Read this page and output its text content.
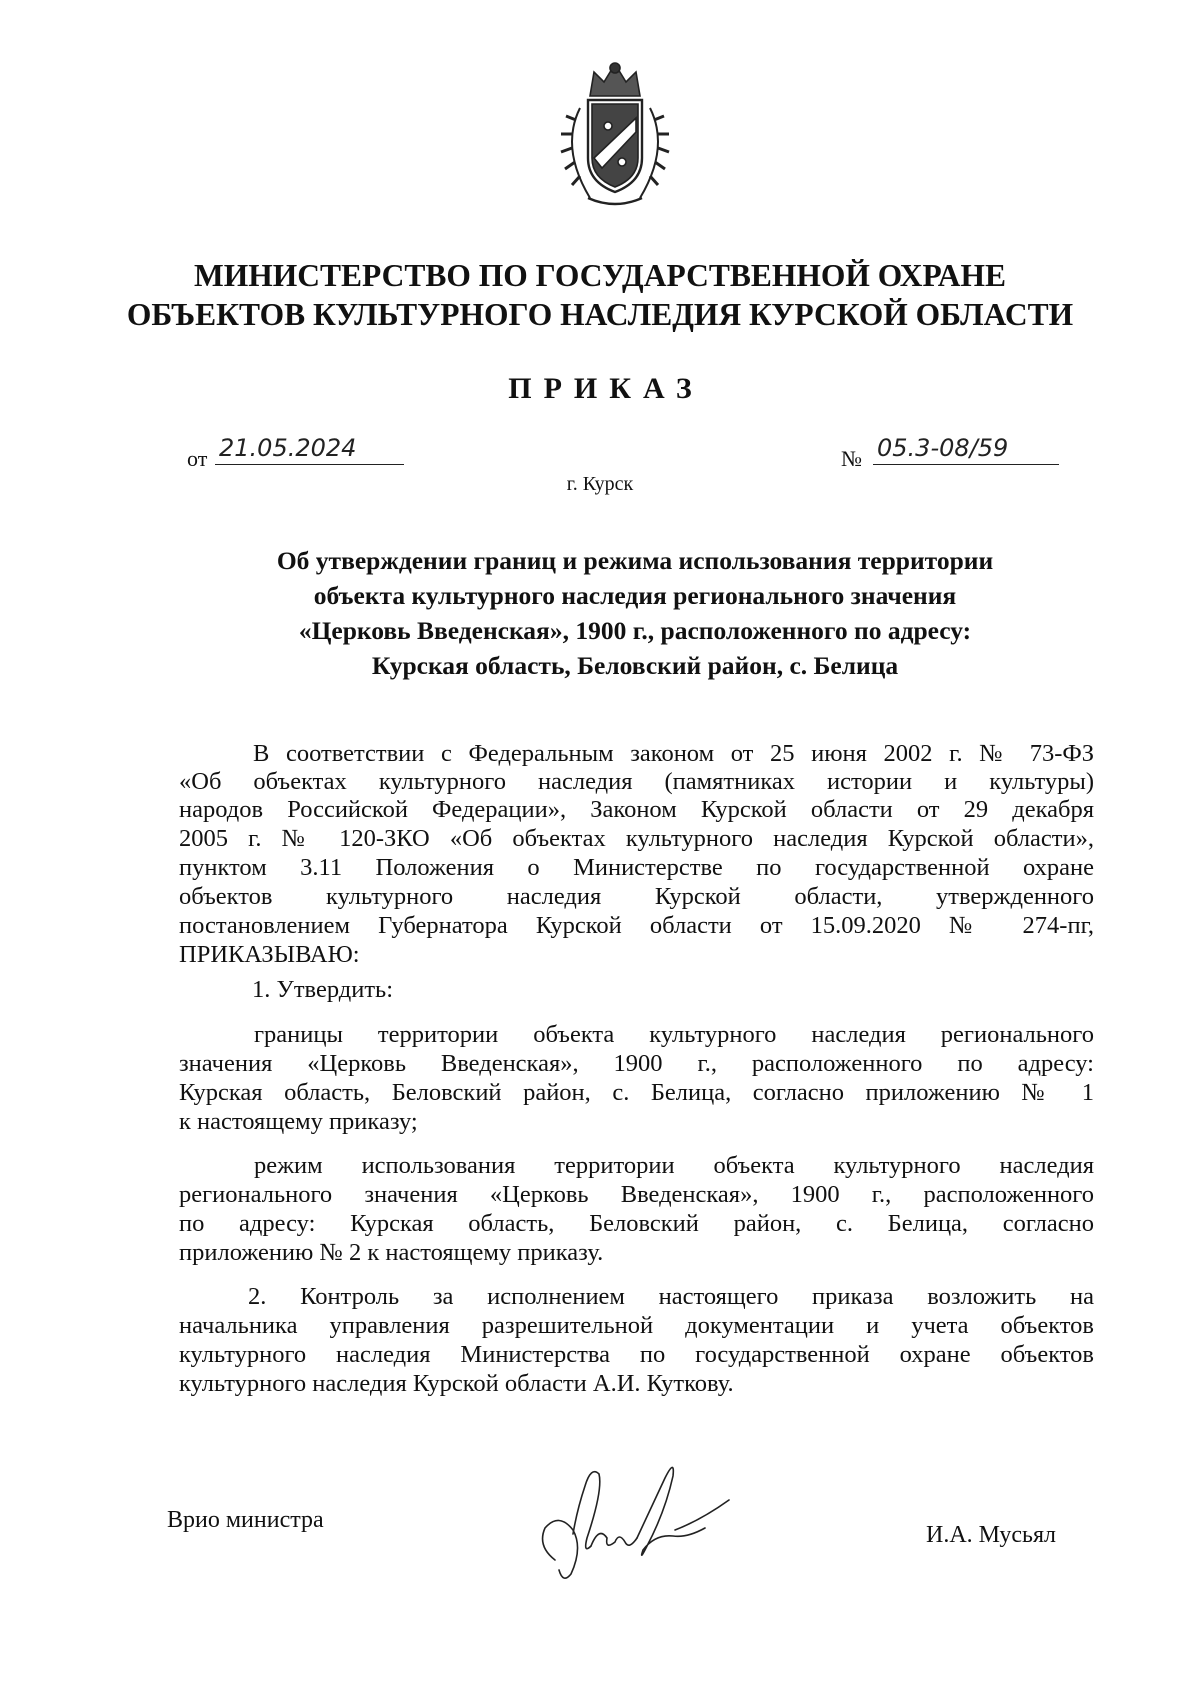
МИНИСТЕРСТВО ПО ГОСУДАРСТВЕННОЙ ОХРАНЕ
ОБЪЕКТОВ КУЛЬТУРНОГО НАСЛЕДИЯ КУРСКОЙ ОБЛАСТИ
ПРИКАЗ
от 21.05.2024	№ 05.3-08/59
г. Курск
Об утверждении границ и режима использования территории
объекта культурного наследия регионального значения
«Церковь Введенская», 1900 г., расположенного по адресу:
Курская область, Беловский район, с. Белица
В соответствии с Федеральным законом от 25 июня 2002 г. № 73-ФЗ
«Об объектах культурного наследия (памятниках истории и культуры)
народов Российской Федерации», Законом Курской области от 29 декабря
2005 г. № 120-ЗКО «Об объектах культурного наследия Курской области»,
пунктом 3.11 Положения о Министерстве по государственной охране
объектов культурного наследия Курской области, утвержденного
постановлением Губернатора Курской области от 15.09.2020 № 274-пг,
ПРИКАЗЫВАЮ:
1. Утвердить:
границы территории объекта культурного наследия регионального
значения «Церковь Введенская», 1900 г., расположенного по адресу:
Курская область, Беловский район, с. Белица, согласно приложению № 1
к настоящему приказу;
режим использования территории объекта культурного наследия
регионального значения «Церковь Введенская», 1900 г., расположенного
по адресу: Курская область, Беловский район, с. Белица, согласно
приложению № 2 к настоящему приказу.
2. Контроль за исполнением настоящего приказа возложить на
начальника управления разрешительной документации и учета объектов
культурного наследия Министерства по государственной охране объектов
культурного наследия Курской области А.И. Куткову.
Врио министра
И.А. Мусьял
